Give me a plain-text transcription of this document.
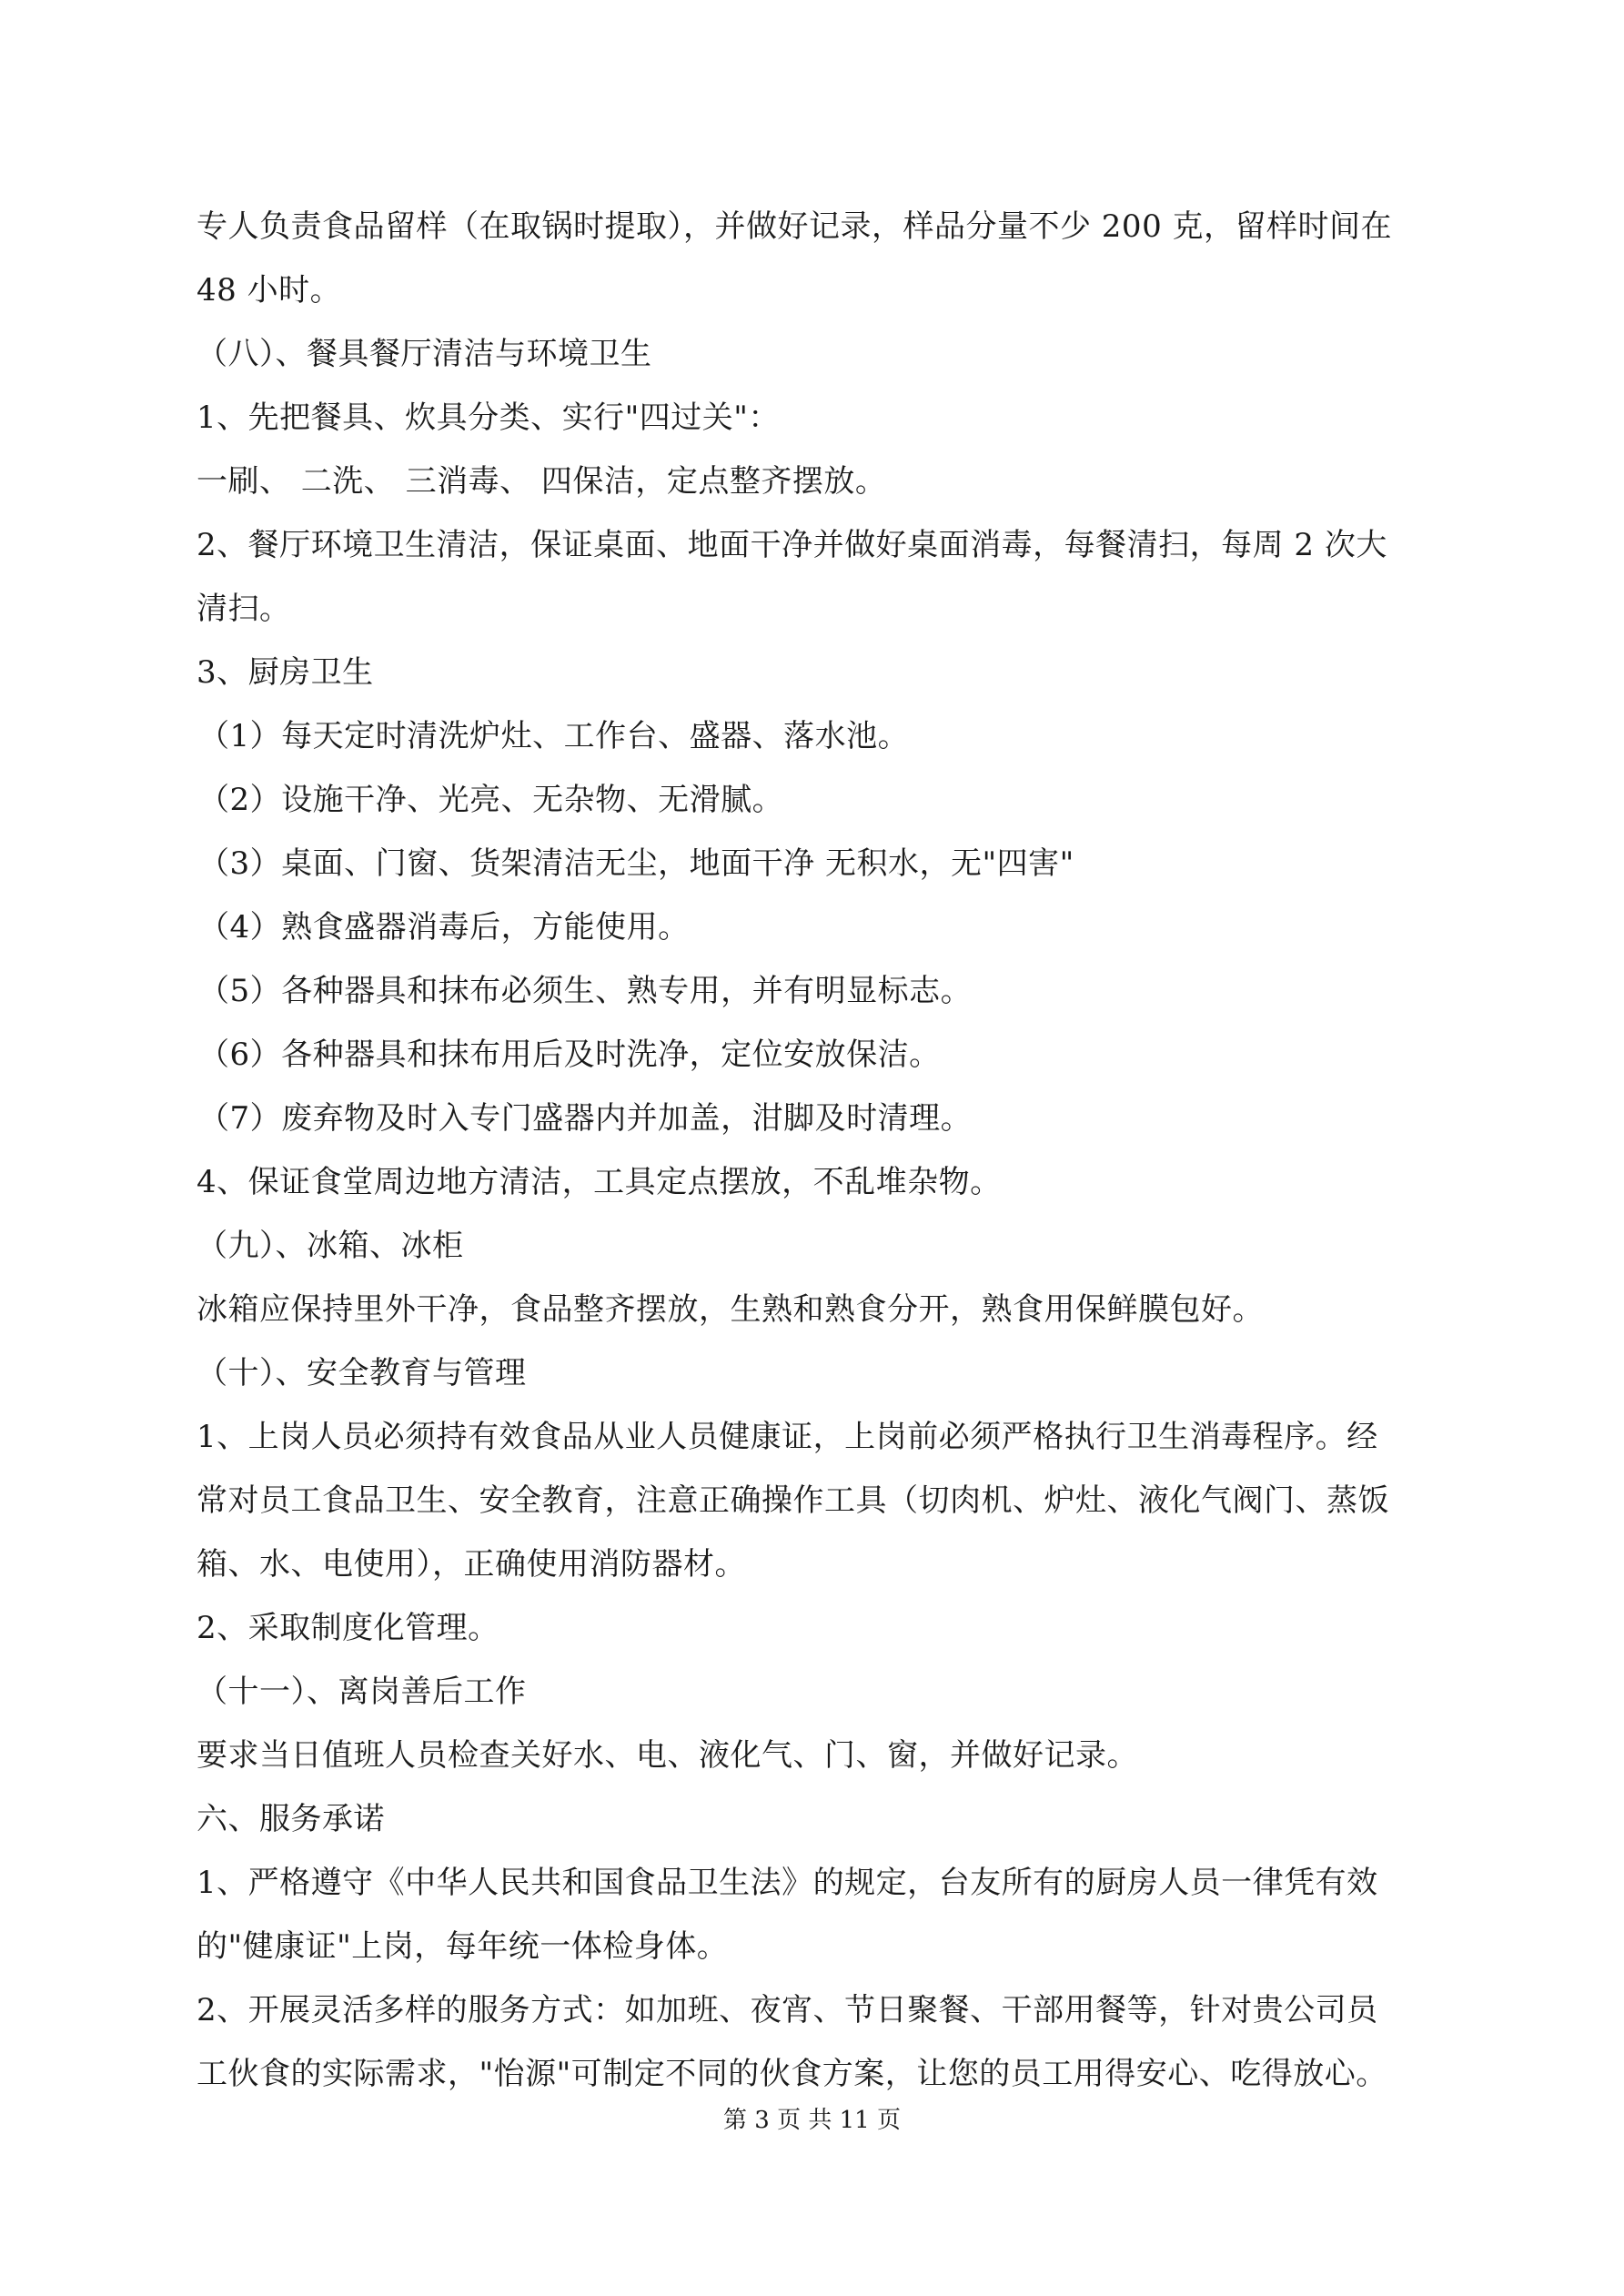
专人负责食品留样（在取锅时提取），并做好记录，样品分量不少 200 克，留样时间在
48 小时。
（八）、餐具餐厅清洁与环境卫生
1、先把餐具、炊具分类、实行"四过关"：
一刷、 二洗、 三消毒、 四保洁，定点整齐摆放。
2、餐厅环境卫生清洁，保证桌面、地面干净并做好桌面消毒，每餐清扫，每周 2 次大
清扫。
3、厨房卫生
（1）每天定时清洗炉灶、工作台、盛器、落水池。
（2）设施干净、光亮、无杂物、无滑腻。
（3）桌面、门窗、货架清洁无尘，地面干净 无积水，无"四害"
（4）熟食盛器消毒后，方能使用。
（5）各种器具和抹布必须生、熟专用，并有明显标志。
（6）各种器具和抹布用后及时洗净，定位安放保洁。
（7）废弃物及时入专门盛器内并加盖，泔脚及时清理。
4、保证食堂周边地方清洁，工具定点摆放，不乱堆杂物。
（九）、冰箱、冰柜
冰箱应保持里外干净，食品整齐摆放，生熟和熟食分开，熟食用保鲜膜包好。
（十）、安全教育与管理
1、上岗人员必须持有效食品从业人员健康证，上岗前必须严格执行卫生消毒程序。经
常对员工食品卫生、安全教育，注意正确操作工具（切肉机、炉灶、液化气阀门、蒸饭
箱、水、电使用），正确使用消防器材。
2、采取制度化管理。
（十一）、离岗善后工作
要求当日值班人员检查关好水、电、液化气、门、窗，并做好记录。
六、服务承诺
1、严格遵守《中华人民共和国食品卫生法》的规定，台友所有的厨房人员一律凭有效
的"健康证"上岗，每年统一体检身体。
2、开展灵活多样的服务方式：如加班、夜宵、节日聚餐、干部用餐等，针对贵公司员
工伙食的实际需求，"怡源"可制定不同的伙食方案，让您的员工用得安心、吃得放心。
第 3 页 共 11 页
